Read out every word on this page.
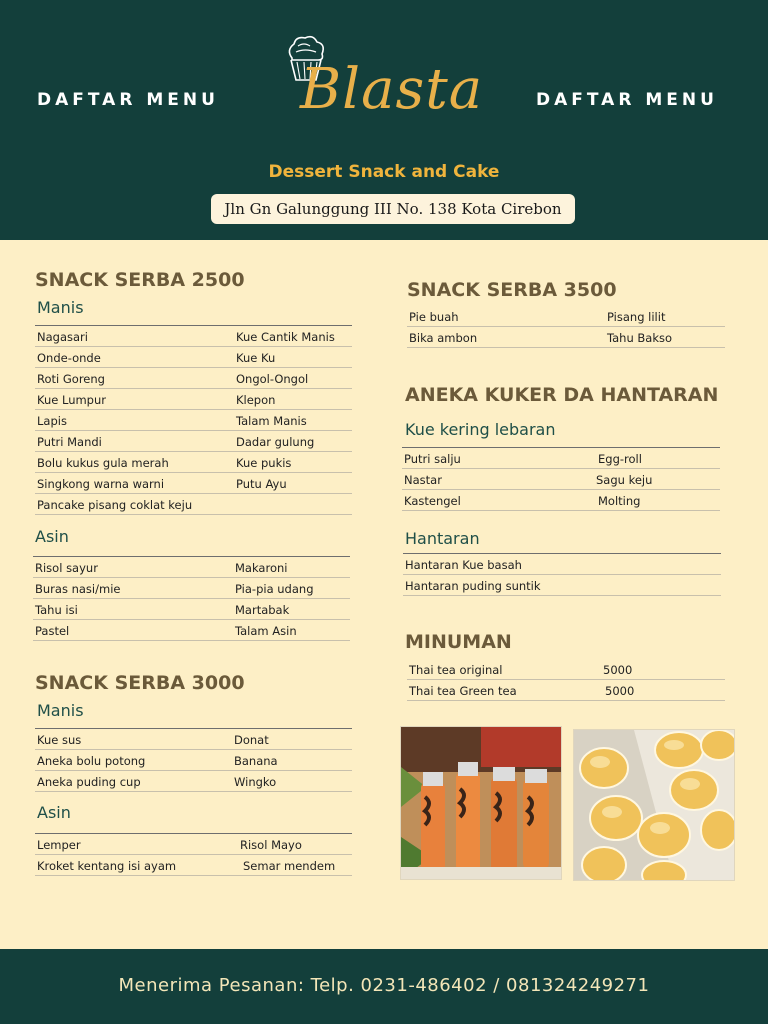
DAFTAR MENU	DAFTAR MENU
Blasta
Dessert Snack and Cake
Jln Gn Galunggung III No. 138 Kota Cirebon
SNACK SERBA 2500
Manis
Nagasari	Kue Cantik Manis
Onde-onde	Kue Ku
Roti Goreng	Ongol-Ongol
Kue Lumpur	Klepon
Lapis	Talam Manis
Putri Mandi	Dadar gulung
Bolu kukus gula merah	Kue pukis
Singkong warna warni	Putu Ayu
Pancake pisang coklat keju
Asin
Risol sayur	Makaroni
Buras nasi/mie	Pia-pia udang
Tahu isi	Martabak
Pastel	Talam Asin
SNACK SERBA 3000
Manis
Kue sus	Donat
Aneka bolu potong	Banana
Aneka puding cup	Wingko
Asin
Lemper	Risol Mayo
Kroket kentang isi ayam	Semar mendem
SNACK SERBA 3500
Pie buah	Pisang lilit
Bika ambon	Tahu Bakso
ANEKA KUKER DA HANTARAN
Kue kering lebaran
Putri salju	Egg-roll
Nastar	Sagu keju
Kastengel	Molting
Hantaran
Hantaran Kue basah
Hantaran puding suntik
MINUMAN
Thai tea original	5000
Thai tea Green tea	5000
Menerima Pesanan: Telp. 0231-486402 / 081324249271
